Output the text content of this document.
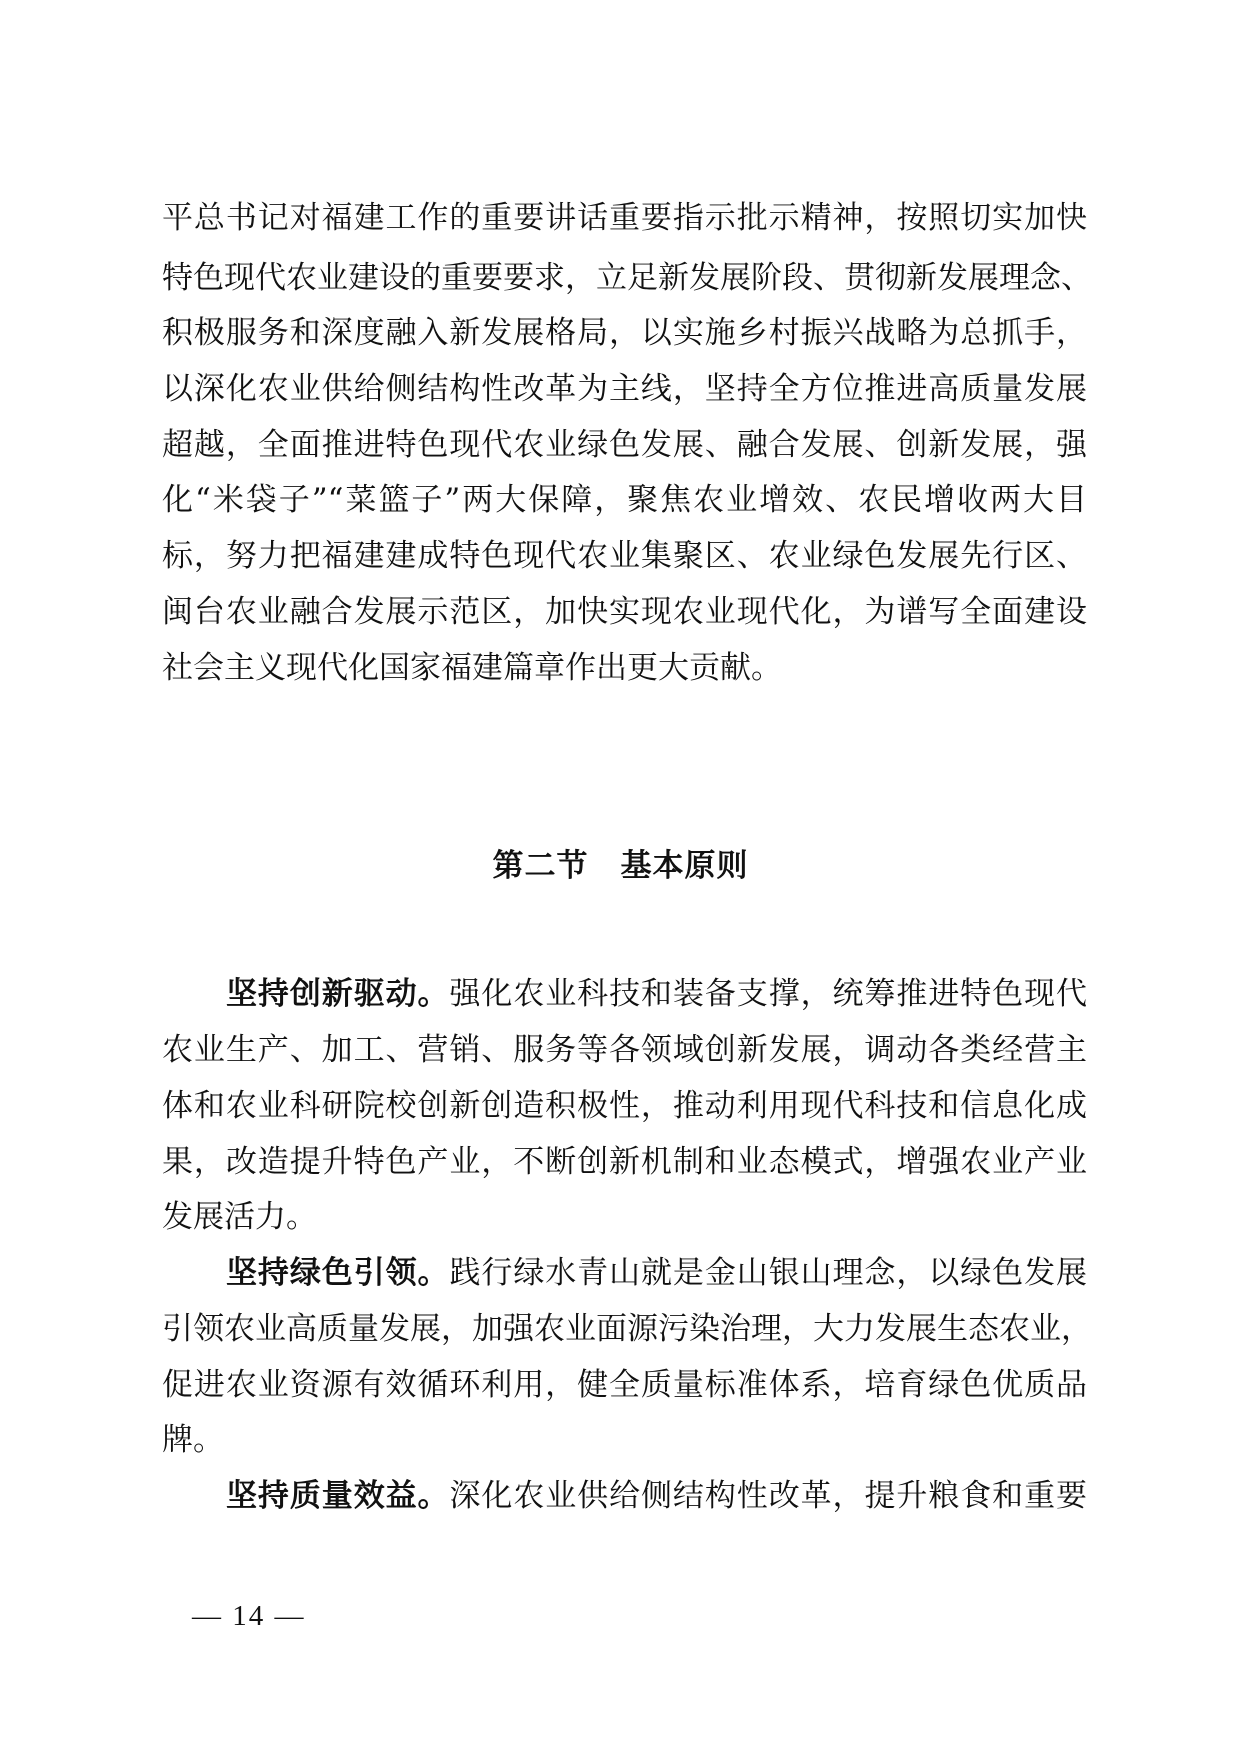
平总书记对福建工作的重要讲话重要指示批示精神，按照切实加快
特色现代农业建设的重要要求，立足新发展阶段、贯彻新发展理念、
积极服务和深度融入新发展格局，以实施乡村振兴战略为总抓手，
以深化农业供给侧结构性改革为主线，坚持全方位推进高质量发展
超越，全面推进特色现代农业绿色发展、融合发展、创新发展，强
化“米袋子”“菜篮子”两大保障，聚焦农业增效、农民增收两大目
标，努力把福建建成特色现代农业集聚区、农业绿色发展先行区、
闽台农业融合发展示范区，加快实现农业现代化，为谱写全面建设
社会主义现代化国家福建篇章作出更大贡献。
第二节　基本原则
坚持创新驱动。强化农业科技和装备支撑，统筹推进特色现代
农业生产、加工、营销、服务等各领域创新发展，调动各类经营主
体和农业科研院校创新创造积极性，推动利用现代科技和信息化成
果，改造提升特色产业，不断创新机制和业态模式，增强农业产业
发展活力。
坚持绿色引领。践行绿水青山就是金山银山理念，以绿色发展
引领农业高质量发展，加强农业面源污染治理，大力发展生态农业，
促进农业资源有效循环利用，健全质量标准体系，培育绿色优质品
牌。
坚持质量效益。深化农业供给侧结构性改革，提升粮食和重要
— 14 —
